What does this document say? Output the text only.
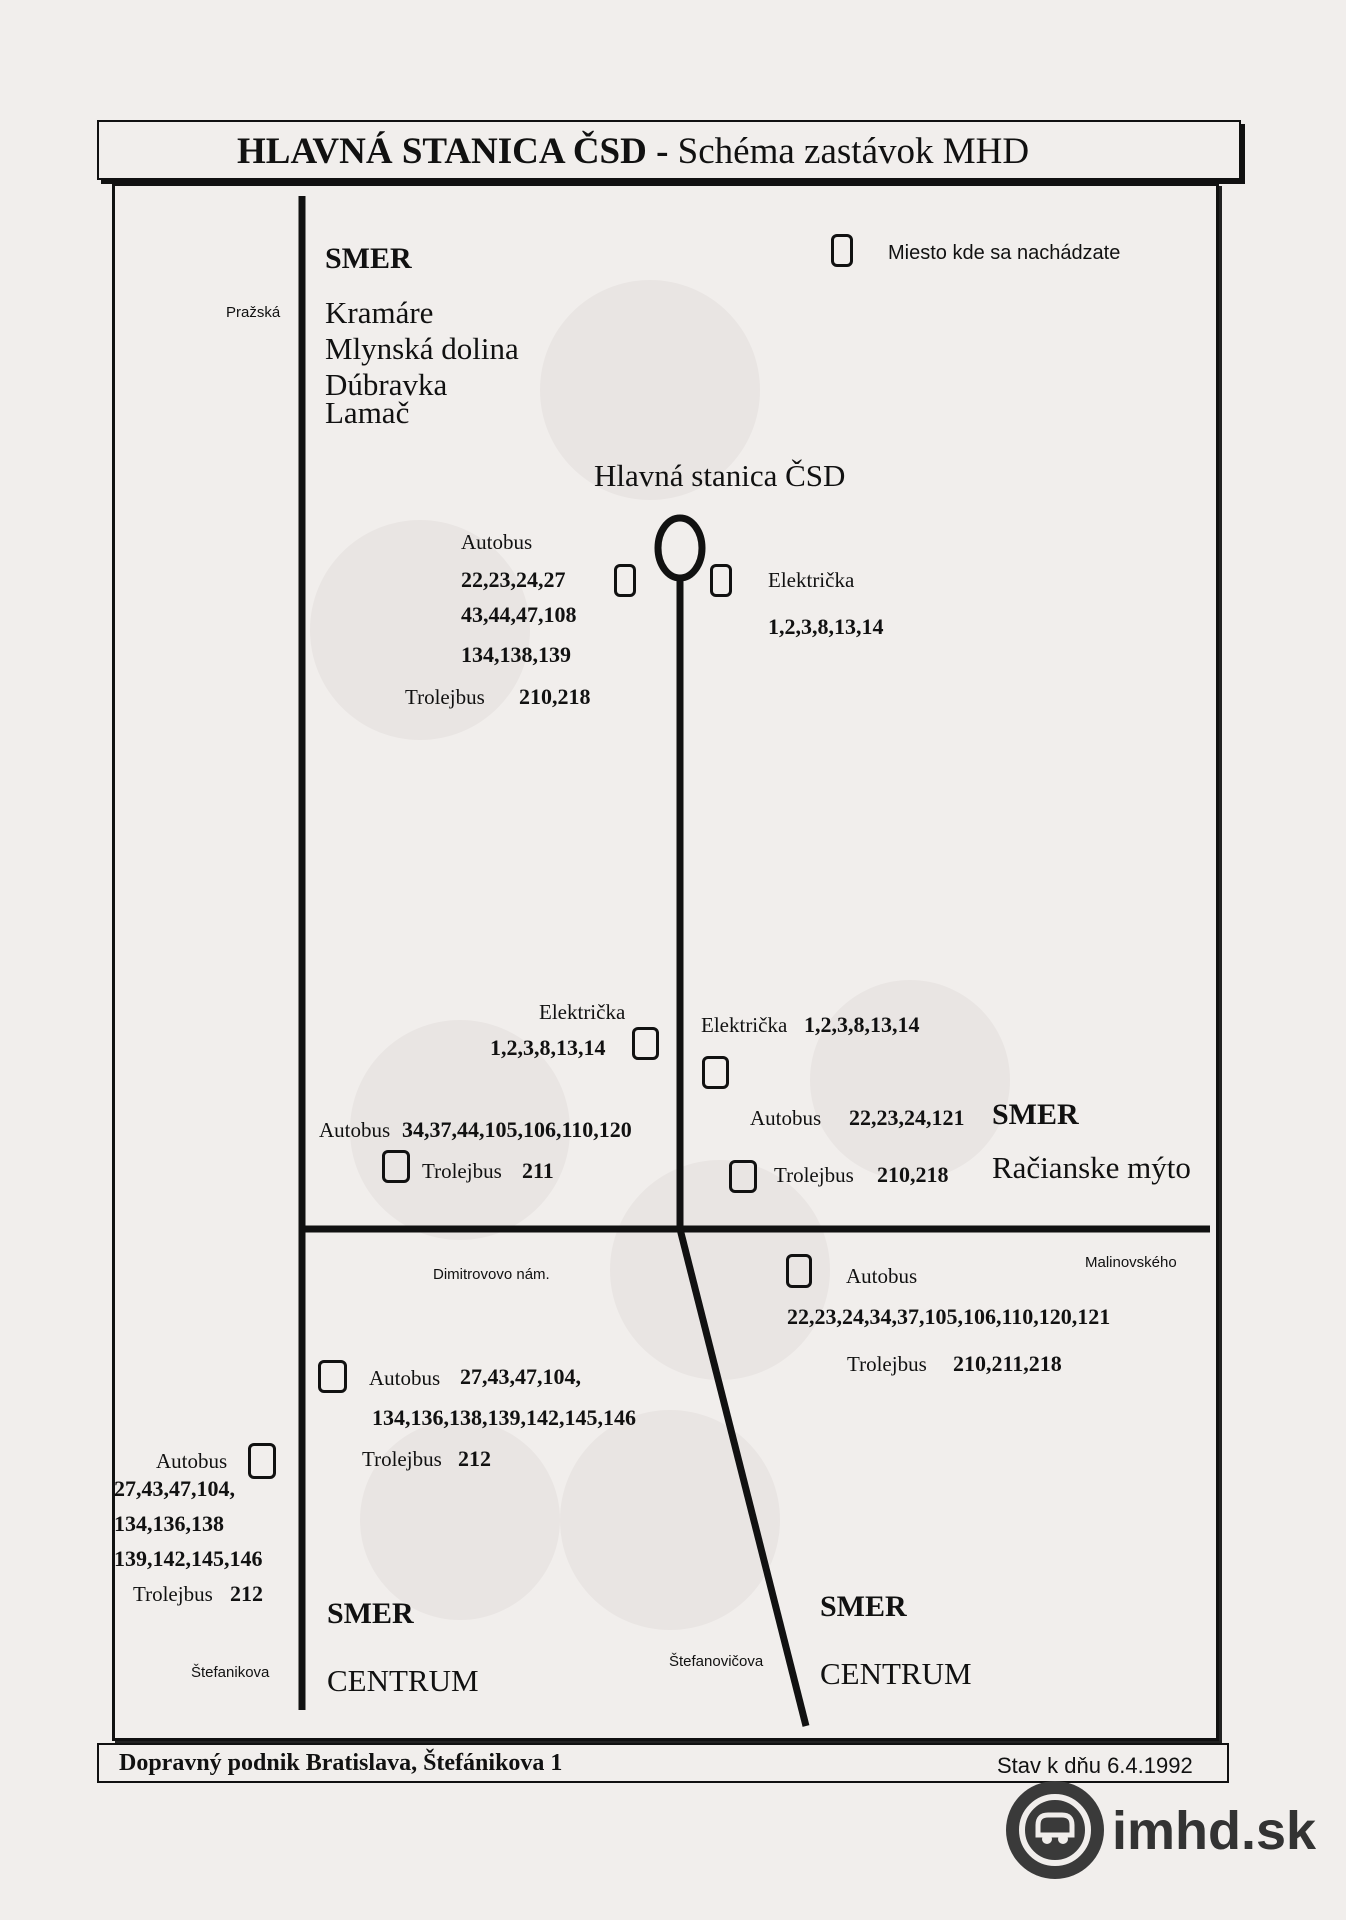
HLAVNÁ STANICA ČSD - Schéma zastávok MHD
Miesto kde sa nachádzate
SMER
Kramáre
Mlynská dolina
Dúbravka
Lamač
Pražská
Dimitrovovo nám.
Malinovského
Štefanikova
Štefanovičova
Hlavná stanica ČSD
Autobus
22,23,24,27
43,44,47,108
134,138,139
Trolejbus 210,218
Električka
1,2,3,8,13,14
Električka
1,2,3,8,13,14
Električka 1,2,3,8,13,14
Autobus 34,37,44,105,106,110,120
Trolejbus 211
Autobus 22,23,24,121
Trolejbus 210,218
SMER
Račianske mýto
Autobus
22,23,24,34,37,105,106,110,120,121
Trolejbus 210,211,218
Autobus 27,43,47,104,
134,136,138,139,142,145,146
Trolejbus 212
Autobus
27,43,47,104,
134,136,138
139,142,145,146
Trolejbus 212
SMER
CENTRUM
SMER
CENTRUM
Dopravný podnik Bratislava, Štefánikova 1	Stav k dňu 6.4.1992
imhd.sk
